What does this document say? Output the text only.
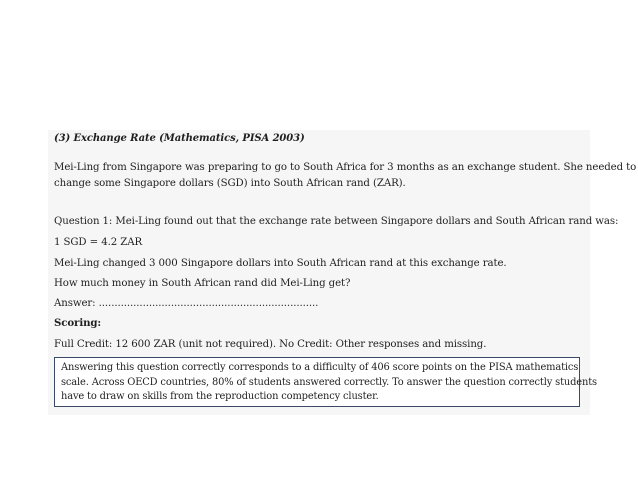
(3) Exchange Rate (Mathematics, PISA 2003)
Mei-Ling from Singapore was preparing to go to South Africa for 3 months as an exchange student. She needed to
change some Singapore dollars (SGD) into South African rand (ZAR).
Question 1: Mei-Ling found out that the exchange rate between Singapore dollars and South African rand was:
1 SGD = 4.2 ZAR
Mei-Ling changed 3 000 Singapore dollars into South African rand at this exchange rate.
How much money in South African rand did Mei-Ling get?
Answer: ......................................................................
Scoring:
Full Credit: 12 600 ZAR (unit not required). No Credit: Other responses and missing.
Answering this question correctly corresponds to a difficulty of 406 score points on the PISA mathematics
scale. Across OECD countries, 80% of students answered correctly. To answer the question correctly students
have to draw on skills from the reproduction competency cluster.
